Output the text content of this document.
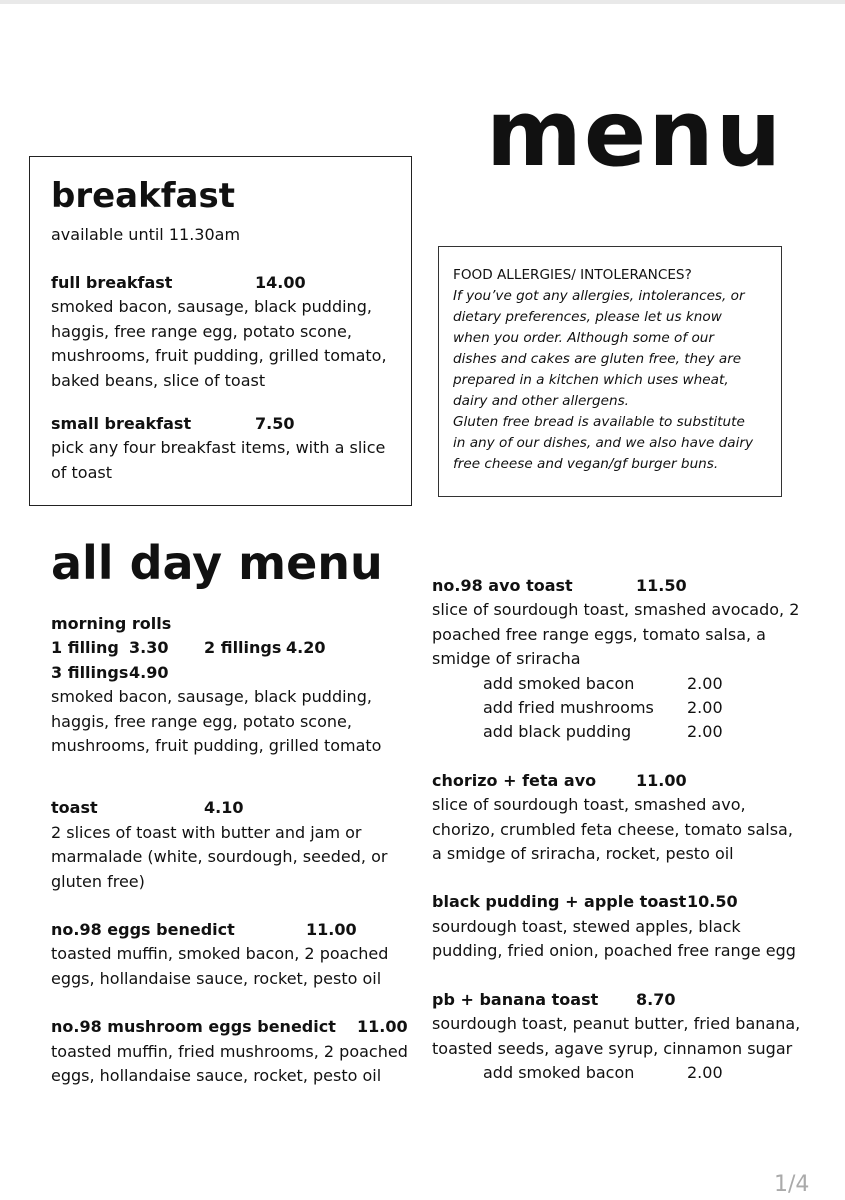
menu
breakfast
available until 11.30am
full breakfast	14.00
smoked bacon, sausage, black pudding, haggis, free range egg, potato scone, mushrooms, fruit pudding, grilled tomato, baked beans, slice of toast
small breakfast	7.50
pick any four breakfast items, with a slice of toast
FOOD ALLERGIES/ INTOLERANCES?
If you’ve got any allergies, intolerances, or
dietary preferences, please let us know
when you order. Although some of our
dishes and cakes are gluten free, they are
prepared in a kitchen which uses wheat,
dairy and other allergens.
Gluten free bread is available to substitute
in any of our dishes, and we also have dairy
free cheese and vegan/gf burger buns.
all day menu
morning rolls
1 filling 3.30	2 fillings 4.20
3 fillings 4.90
smoked bacon, sausage, black pudding, haggis, free range egg, potato scone, mushrooms, fruit pudding, grilled tomato
toast	4.10
2 slices of toast with butter and jam or marmalade (white, sourdough, seeded, or gluten free)
no.98 eggs benedict	11.00
toasted muffin, smoked bacon, 2 poached eggs, hollandaise sauce, rocket, pesto oil
no.98 mushroom eggs benedict	11.00
toasted muffin, fried mushrooms, 2 poached eggs, hollandaise sauce, rocket, pesto oil
no.98 avo toast	11.50
slice of sourdough toast, smashed avocado, 2 poached free range eggs, tomato salsa, a smidge of sriracha
add smoked bacon	2.00
add fried mushrooms	2.00
add black pudding	2.00
chorizo + feta avo	11.00
slice of sourdough toast, smashed avo, chorizo, crumbled feta cheese, tomato salsa, a smidge of sriracha, rocket, pesto oil
black pudding + apple toast 10.50
sourdough toast, stewed apples, black pudding, fried onion, poached free range egg
pb + banana toast	8.70
sourdough toast, peanut butter, fried banana, toasted seeds, agave syrup, cinnamon sugar
add smoked bacon	2.00
1/4
